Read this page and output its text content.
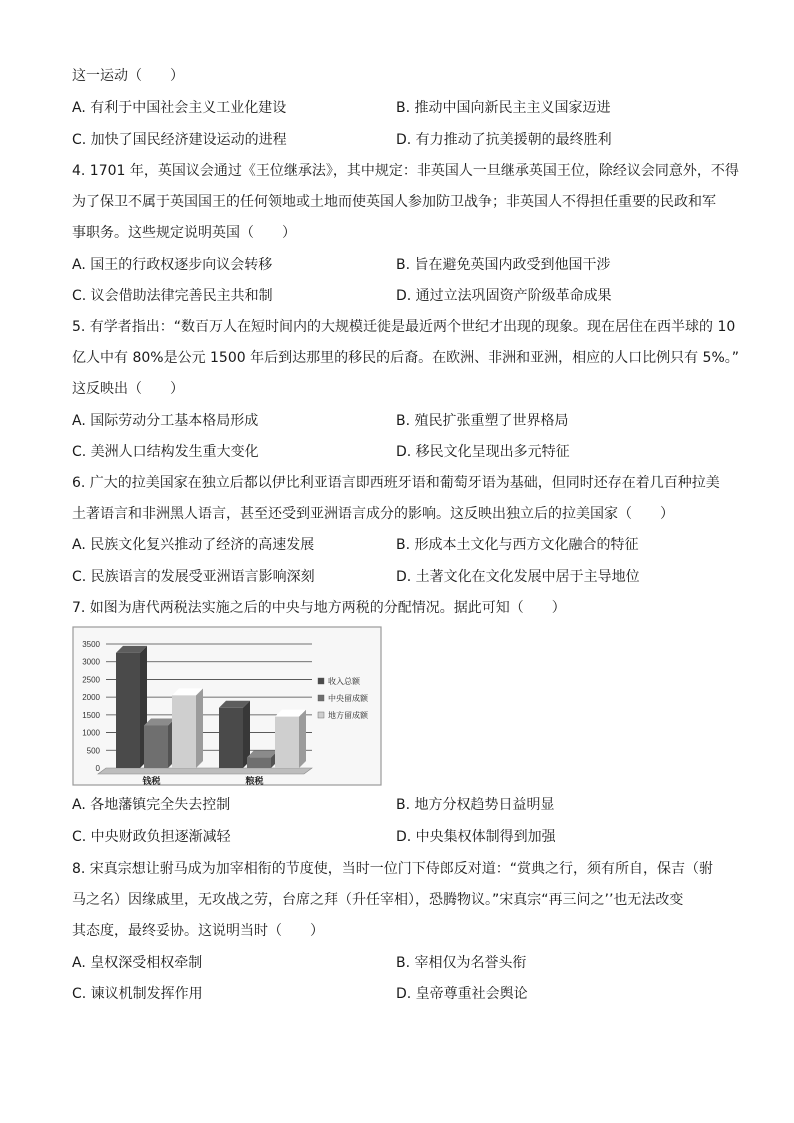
这一运动（　　）
A. 有利于中国社会主义工业化建设	B. 推动中国向新民主主义国家迈进
C. 加快了国民经济建设运动的进程	D. 有力推动了抗美援朝的最终胜利
4. 1701 年，英国议会通过《王位继承法》，其中规定：非英国人一旦继承英国王位，除经议会同意外，不得
为了保卫不属于英国国王的任何领地或土地而使英国人参加防卫战争；非英国人不得担任重要的民政和军
事职务。这些规定说明英国（　　）
A. 国王的行政权逐步向议会转移	B. 旨在避免英国内政受到他国干涉
C. 议会借助法律完善民主共和制	D. 通过立法巩固资产阶级革命成果
5. 有学者指出：“数百万人在短时间内的大规模迁徙是最近两个世纪才出现的现象。现在居住在西半球的 10
亿人中有 80%是公元 1500 年后到达那里的移民的后裔。在欧洲、非洲和亚洲，相应的人口比例只有 5%。”
这反映出（　　）
A. 国际劳动分工基本格局形成	B. 殖民扩张重塑了世界格局
C. 美洲人口结构发生重大变化	D. 移民文化呈现出多元特征
6. 广大的拉美国家在独立后都以伊比利亚语言即西班牙语和葡萄牙语为基础，但同时还存在着几百种拉美
土著语言和非洲黑人语言，甚至还受到亚洲语言成分的影响。这反映出独立后的拉美国家（　　）
A. 民族文化复兴推动了经济的高速发展	B. 形成本土文化与西方文化融合的特征
C. 民族语言的发展受亚洲语言影响深刻	D. 土著文化在文化发展中居于主导地位
7. 如图为唐代两税法实施之后的中央与地方两税的分配情况。据此可知（　　）
3500
3000
2500
2000
1500
1000
500
0
钱税	粮税
收入总额
中央留成额
地方留成额
A. 各地藩镇完全失去控制	B. 地方分权趋势日益明显
C. 中央财政负担逐渐减轻	D. 中央集权体制得到加强
8. 宋真宗想让驸马成为加宰相衔的节度使，当时一位门下侍郎反对道：“赏典之行，须有所自，保吉（驸
马之名）因缘戚里，无攻战之劳，台席之拜（升任宰相），恐腾物议。”宋真宗“再三问之’’也无法改变
其态度，最终妥协。这说明当时（　　）
A. 皇权深受相权牵制	B. 宰相仅为名誉头衔
C. 谏议机制发挥作用	D. 皇帝尊重社会舆论
